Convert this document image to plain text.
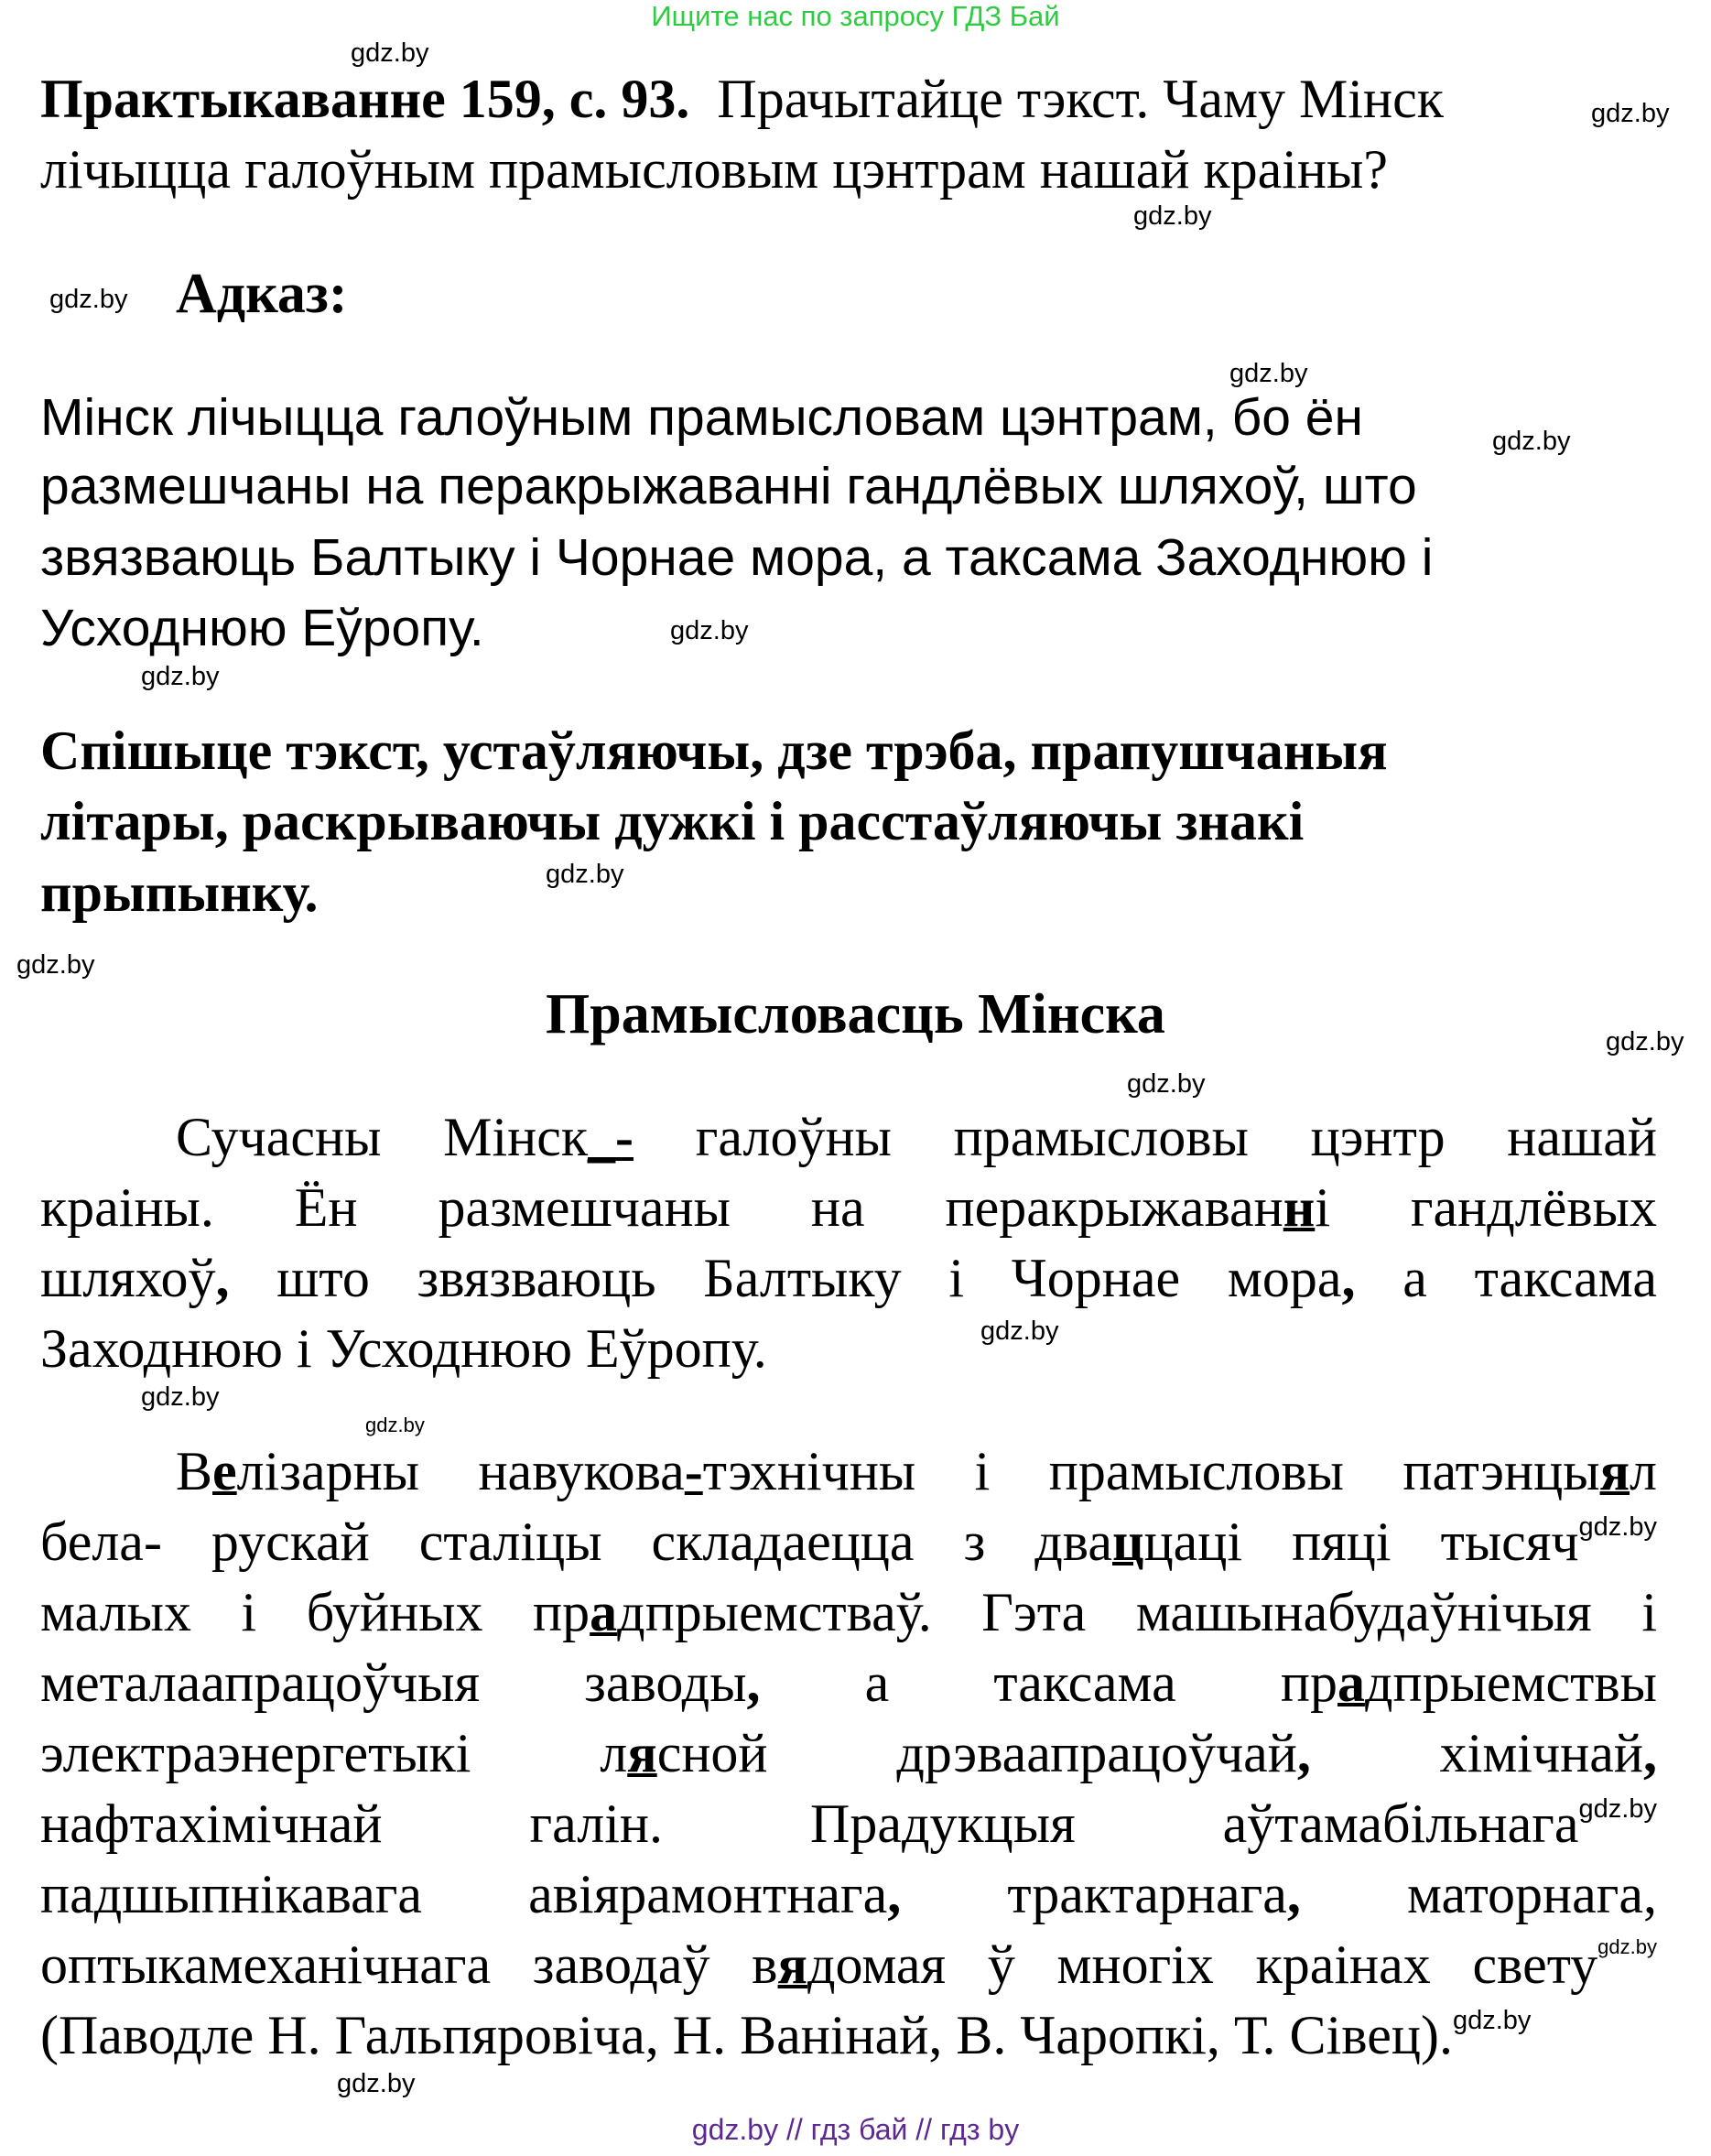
Ищите нас по запросу ГДЗ Бай
Практыкаванне 159, с. 93. Прачытайце тэкст. Чаму Мінск
лічыцца галоўным прамысловым цэнтрам нашай краіны?
Адказ:
Мінск лічыцца галоўным прамысловам цэнтрам, бо ён
размешчаны на перакрыжаванні гандлёвых шляхоў, што
звязваюць Балтыку і Чорнае мора, а таксама Заходнюю і
Усходнюю Еўропу.
Спішыце тэкст, устаўляючы, дзе трэба, прапушчаныя
літары, раскрываючы дужкі і расстаўляючы знакі
прыпынку.
Прамысловасць Мінска
Сучасны Мінск_- галоўны прамысловы цэнтр нашай
краіны. Ён размешчаны на перакрыжаванні гандлёвых
шляхоў, што звязваюць Балтыку і Чорнае мора, а таксама
Заходнюю і Усходнюю Еўропу.
Велізарны навукова-тэхнічны і прамысловы патэнцыял
бела- рускай сталіцы складаецца з дваццаці пяці тысяч$^{gdz.by}$
малых і буйных прадпрыемстваў. Гэта машынабудаўнічыя і
металаапрацоўчыя заводы, а таксама прадпрыемствы
электраэнергетыкі лясной дрэваапрацоўчай, хімічнай,
нафтахімічнай галін. Прадукцыя аўтамабільнага$^{gdz.by}$
падшыпнікавага авіярамонтнага, трактарнага, маторнага,
оптыкамеханічнага заводаў вядомая ў многіх краінах свету$^{gdz.by}$
(Паводле Н. Гальпяровіча, Н. Ванінай, В. Чаропкі, Т. Сівец).$^{gdz.by}$
gdz.by
gdz.by
gdz.by
gdz.by
gdz.by
gdz.by
gdz.by
gdz.by
gdz.by
gdz.by
gdz.by
gdz.by
gdz.by
gdz.by
gdz.by
gdz.by
gdz.by // гдз бай // гдз by
